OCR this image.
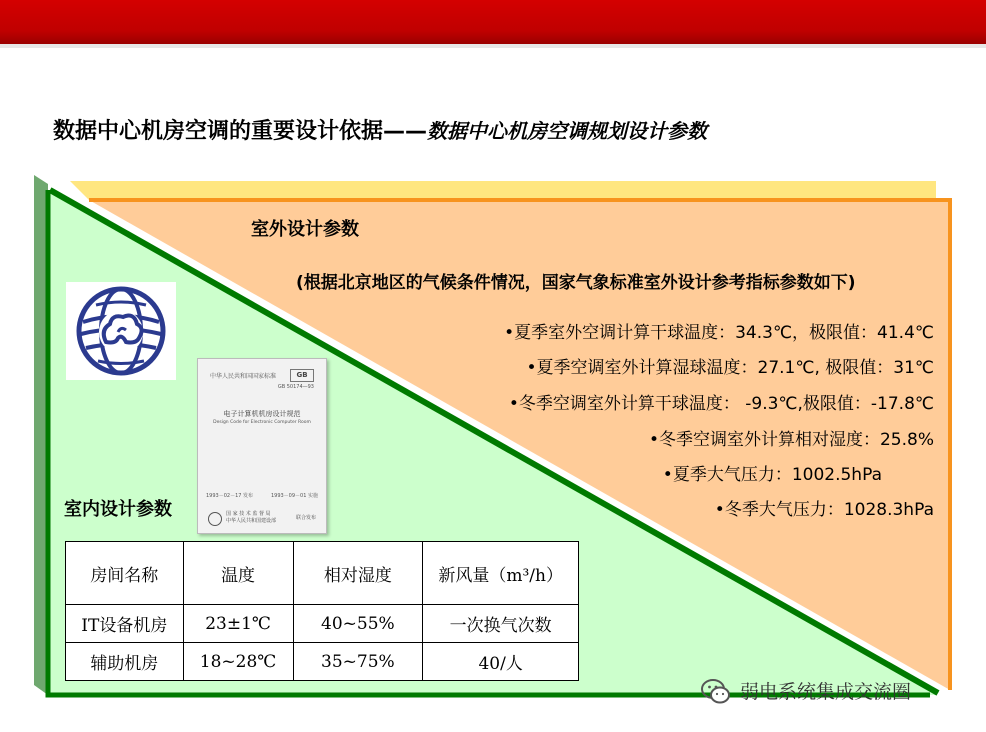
数据中心机房空调的重要设计依据——数据中心机房空调规划设计参数
室外设计参数
(根据北京地区的气候条件情况，国家气象标准室外设计参考指标参数如下)
•夏季室外空调计算干球温度：34.3℃，极限值：41.4℃
•夏季空调室外计算湿球温度：27.1℃, 极限值：31℃
•冬季空调室外计算干球温度： -9.3℃,极限值：-17.8℃
•冬季空调室外计算相对湿度：25.8%
•夏季大气压力：1002.5hPa
•冬季大气压力：1028.3hPa
中华人民共和国国家标准	GB
GB 50174—93
电子计算机机房设计规范
Design Code for Electronic Computer Room
1993－02－17 发布	1993－09－01 实施
国 家 技 术 监 督 局
中华人民共和国建设部	联合发布
室内设计参数
房间名称	温度	相对湿度	新风量（m³/h）
IT设备机房	23±1℃	40~55%	一次换气次数
辅助机房	18~28℃	35~75%	40/人
弱电系统集成交流圈
